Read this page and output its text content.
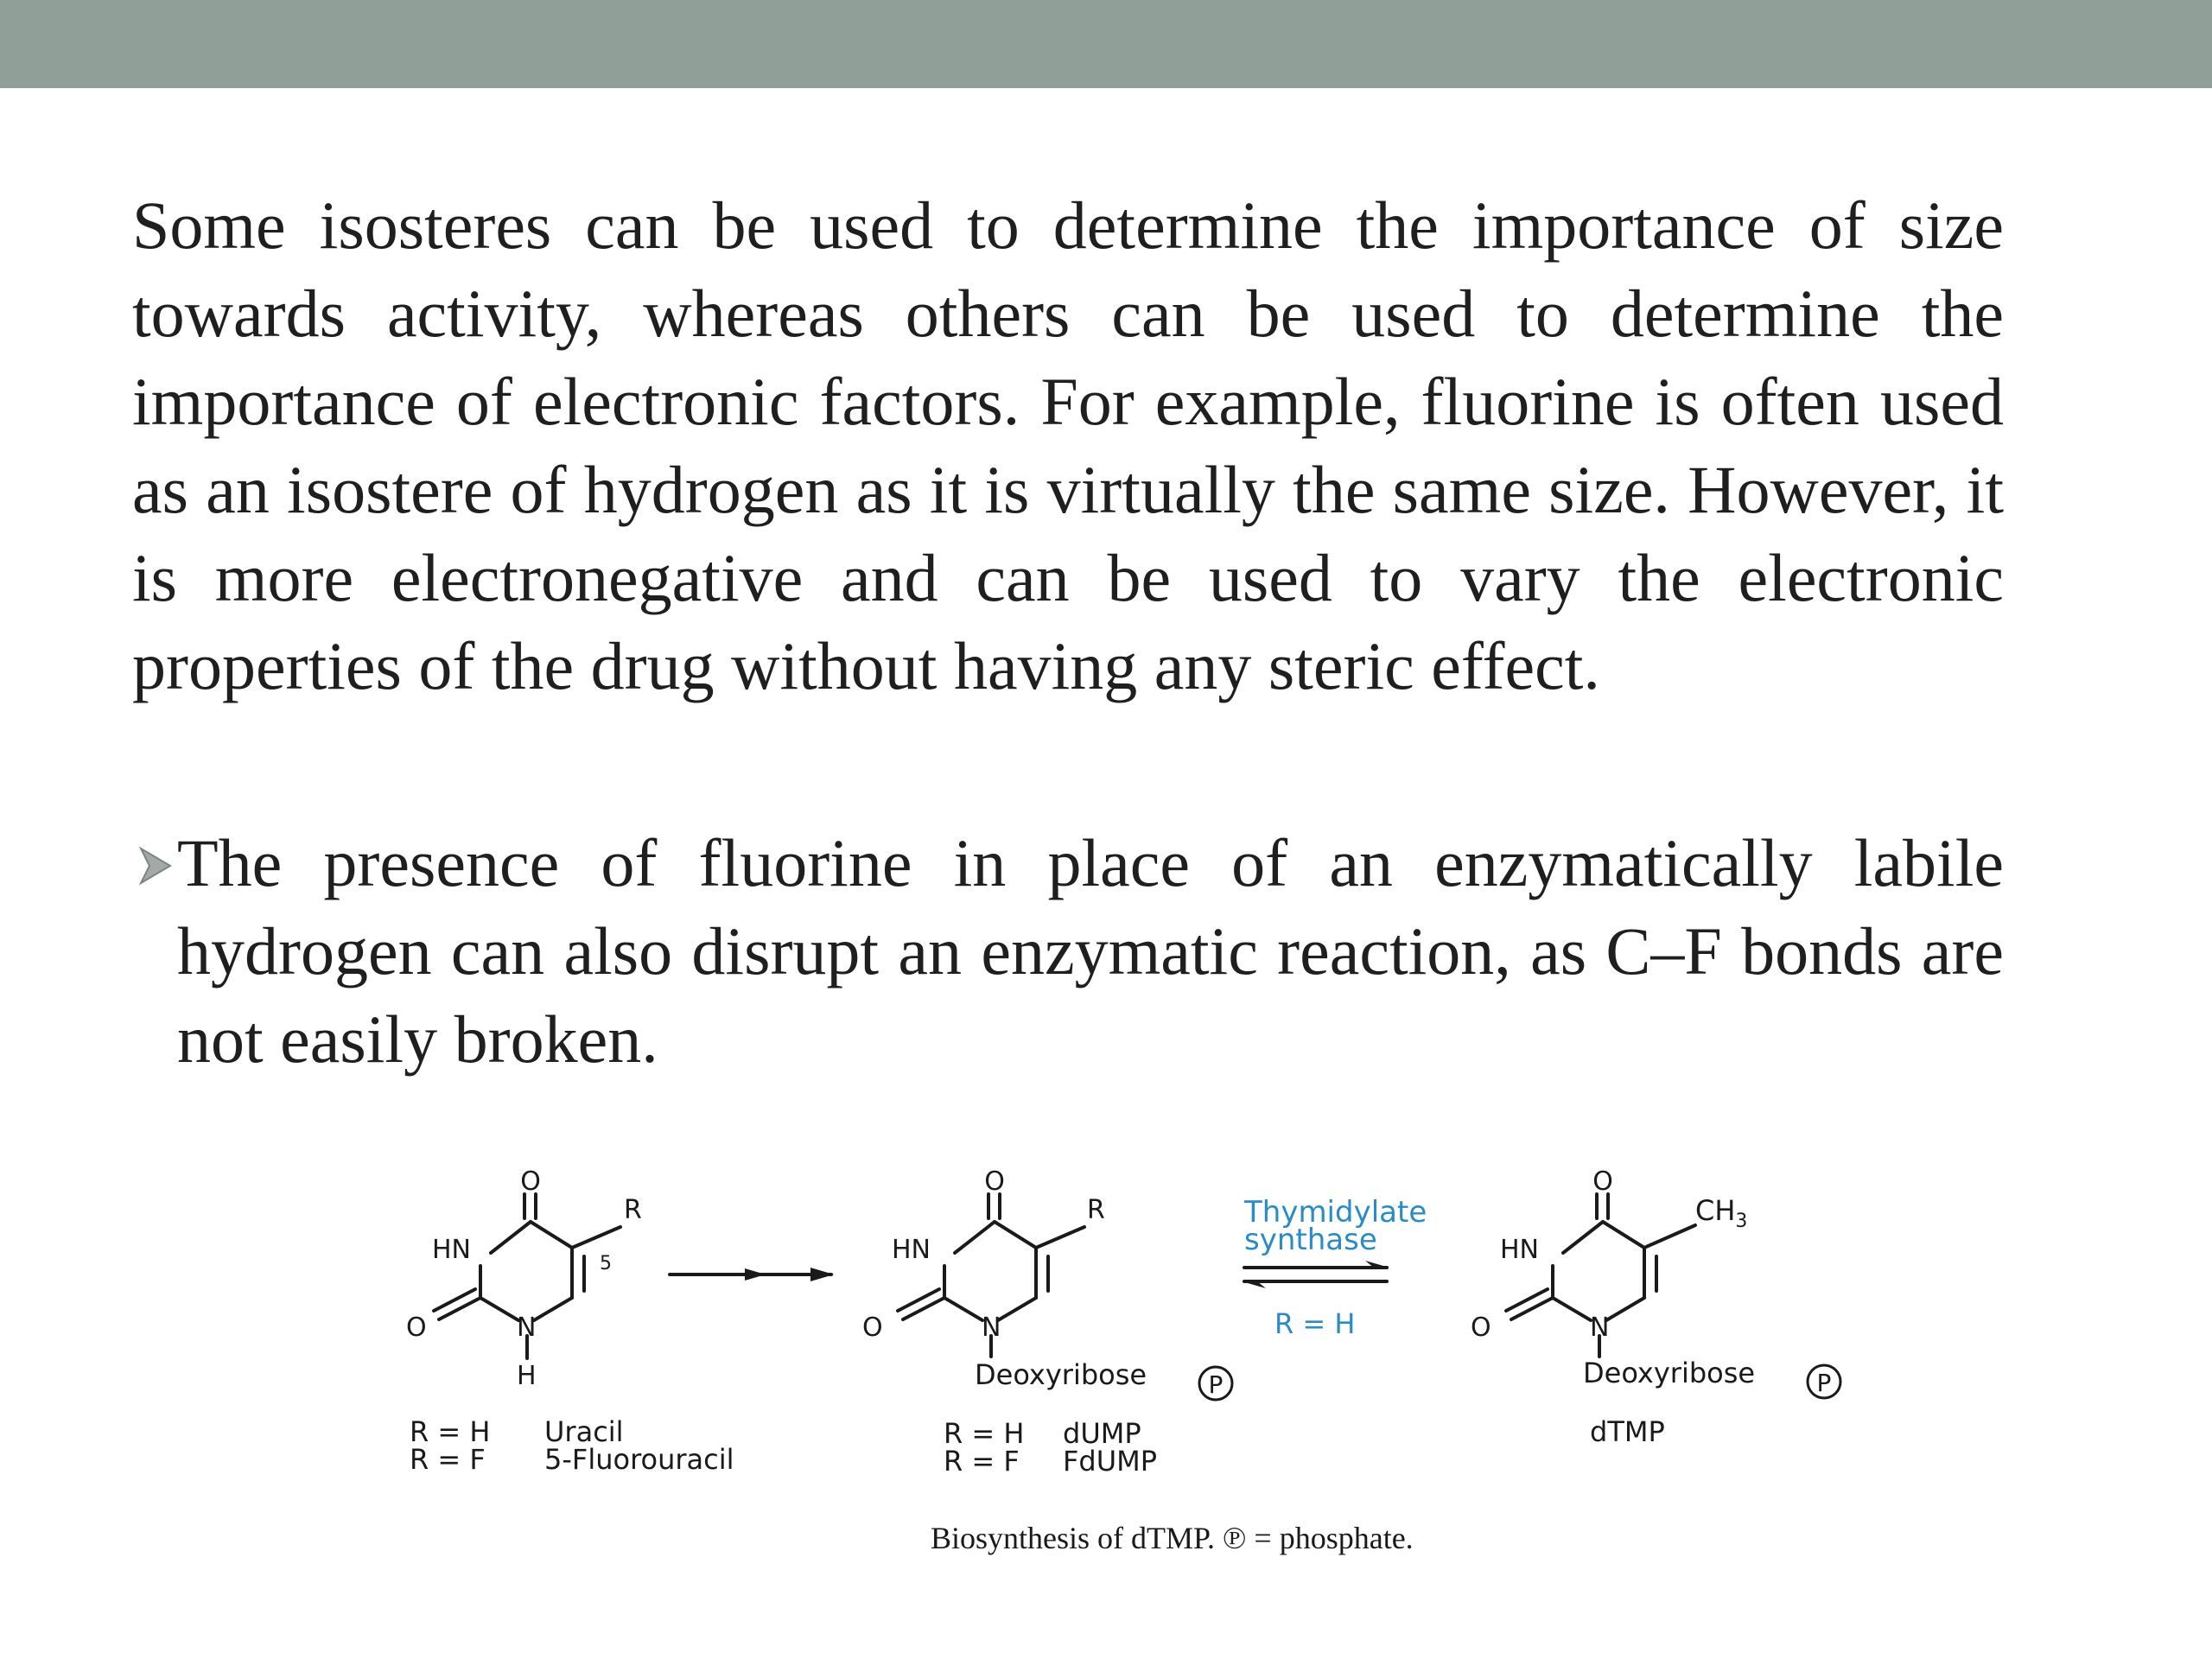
Some isosteres can be used to determine the importance of size towards activity, whereas others can be used to determine the importance of electronic factors. For example, fluorine is often used as an isostere of hydrogen as it is virtually the same size. However, it is more electronegative and can be used to vary the electronic properties of the drug without having any steric effect.

The presence of fluorine in place of an enzymatically labile hydrogen can also disrupt an enzymatic reaction, as C–F bonds are not easily broken.

O
R
HN	5
O	N
H
R = H Uracil
R = F 5-Fluorouracil
O
R
HN
O	N
Deoxyribose	P
R = H dUMP
R = F FdUMP
Thymidylate
synthase
R = H
O
$CH_3$
HN
O	N
Deoxyribose	P
dTMP
Biosynthesis of dTMP. ℗ = phosphate.
